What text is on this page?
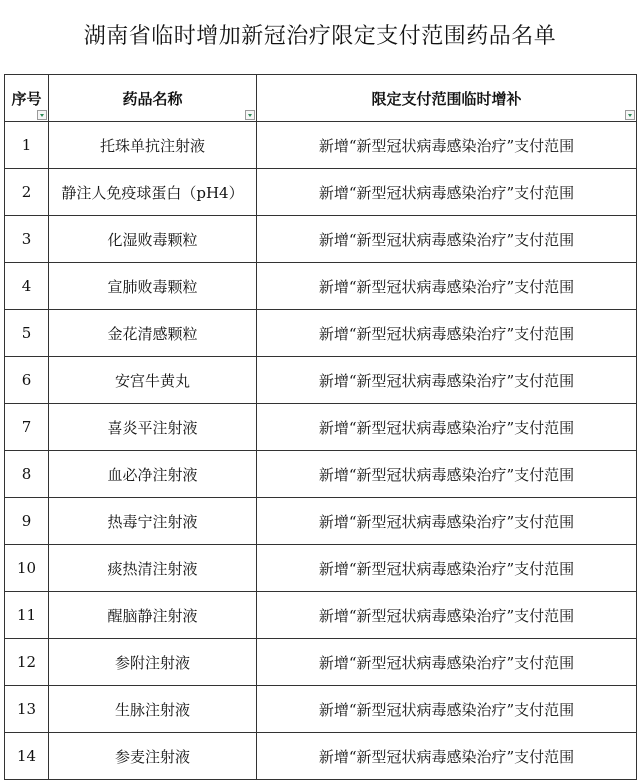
湖南省临时增加新冠治疗限定支付范围药品名单
序号	药品名称	限定支付范围临时增补

1	托珠单抗注射液	新增“新型冠状病毒感染治疗”支付范围
2	静注人免疫球蛋白（pH4）	新增“新型冠状病毒感染治疗”支付范围
3	化湿败毒颗粒	新增“新型冠状病毒感染治疗”支付范围
4	宣肺败毒颗粒	新增“新型冠状病毒感染治疗”支付范围
5	金花清感颗粒	新增“新型冠状病毒感染治疗”支付范围
6	安宫牛黄丸	新增“新型冠状病毒感染治疗”支付范围
7	喜炎平注射液	新增“新型冠状病毒感染治疗”支付范围
8	血必净注射液	新增“新型冠状病毒感染治疗”支付范围
9	热毒宁注射液	新增“新型冠状病毒感染治疗”支付范围
10	痰热清注射液	新增“新型冠状病毒感染治疗”支付范围
11	醒脑静注射液	新增“新型冠状病毒感染治疗”支付范围
12	参附注射液	新增“新型冠状病毒感染治疗”支付范围
13	生脉注射液	新增“新型冠状病毒感染治疗”支付范围
14	参麦注射液	新增“新型冠状病毒感染治疗”支付范围
